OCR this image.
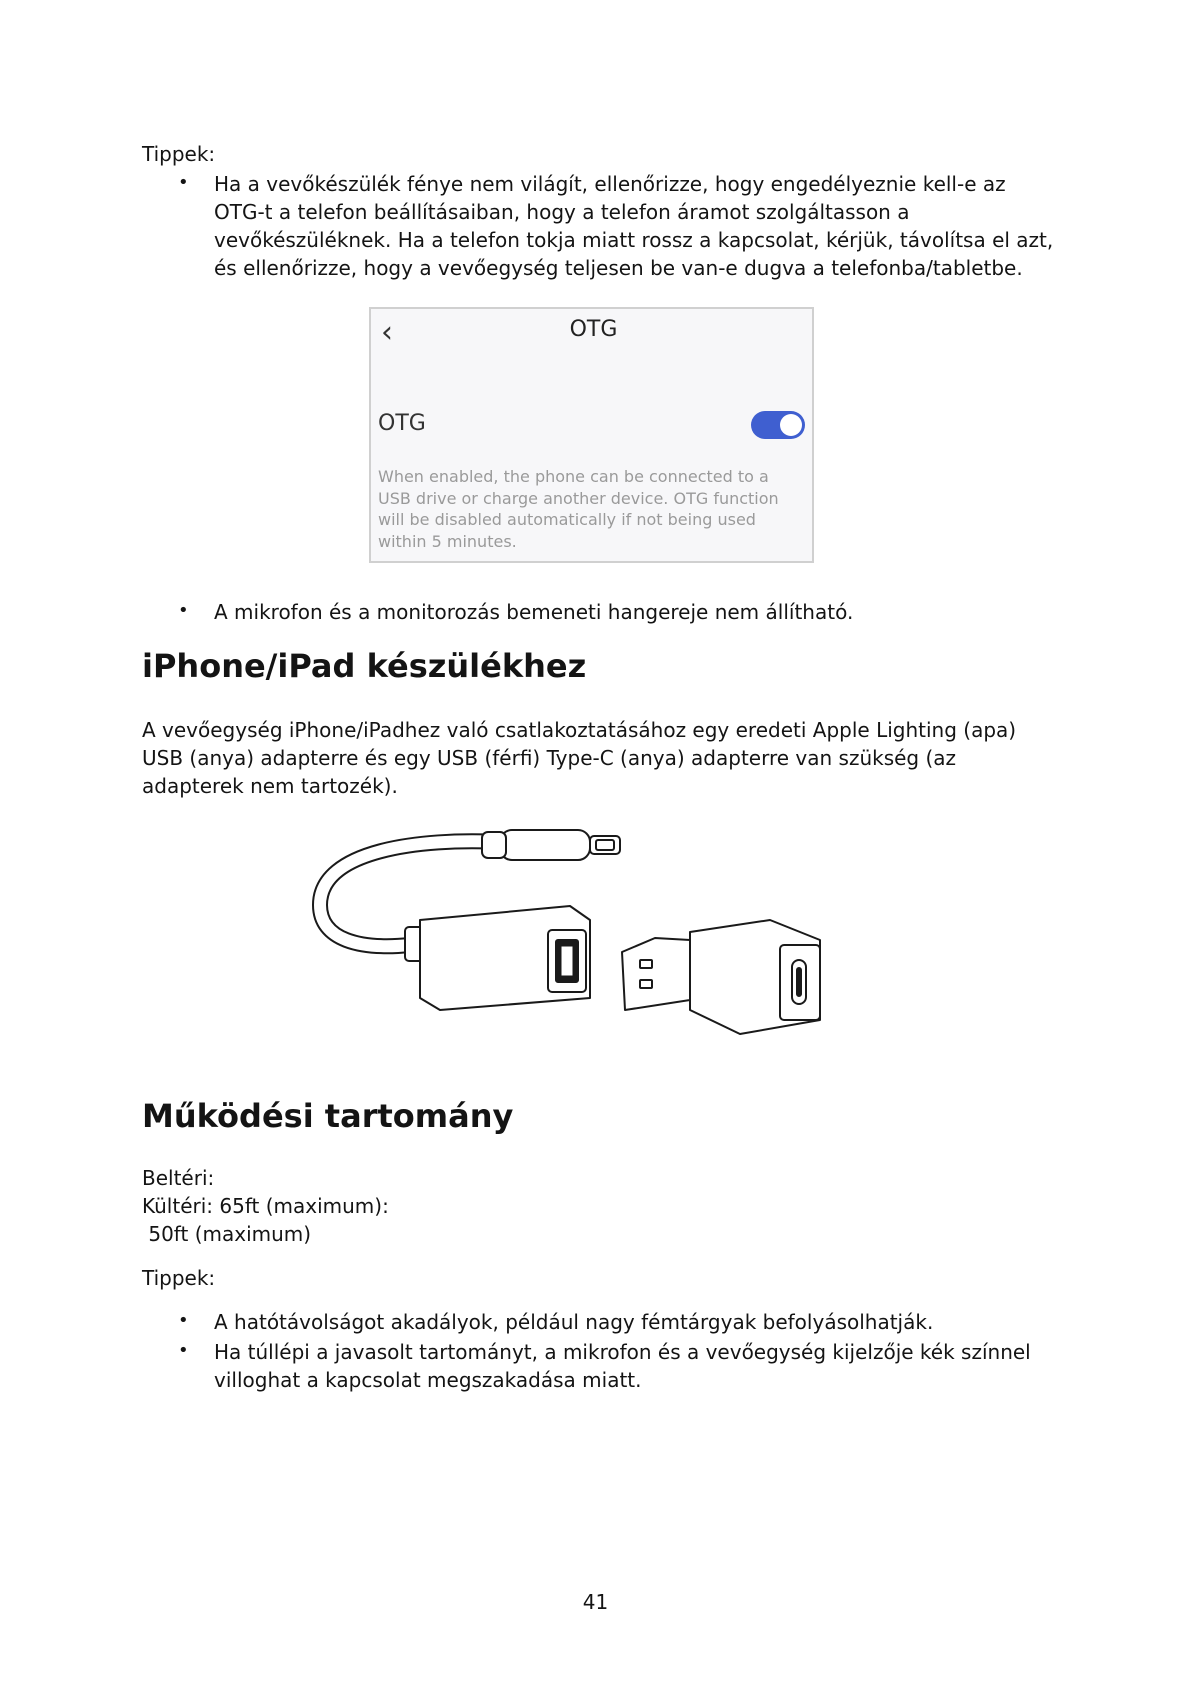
Tippek:
• Ha a vevőkészülék fénye nem világít, ellenőrizze, hogy engedélyeznie kell-e az
OTG-t a telefon beállításaiban, hogy a telefon áramot szolgáltasson a
vevőkészüléknek. Ha a telefon tokja miatt rossz a kapcsolat, kérjük, távolítsa el azt,
és ellenőrizze, hogy a vevőegység teljesen be van-e dugva a telefonba/tabletbe.
‹	OTG
OTG
When enabled, the phone can be connected to a USB drive or charge another device. OTG function will be disabled automatically if not being used within 5 minutes.
• A mikrofon és a monitorozás bemeneti hangereje nem állítható.
iPhone/iPad készülékhez
A vevőegység iPhone/iPadhez való csatlakoztatásához egy eredeti Apple Lighting (apa)
USB (anya) adapterre és egy USB (férfi) Type-C (anya) adapterre van szükség (az
adapterek nem tartozék).
Működési tartomány
Beltéri:
Kültéri: 65ft (maximum):
50ft (maximum)
Tippek:
• A hatótávolságot akadályok, például nagy fémtárgyak befolyásolhatják.
• Ha túllépi a javasolt tartományt, a mikrofon és a vevőegység kijelzője kék színnel
villoghat a kapcsolat megszakadása miatt.
41
